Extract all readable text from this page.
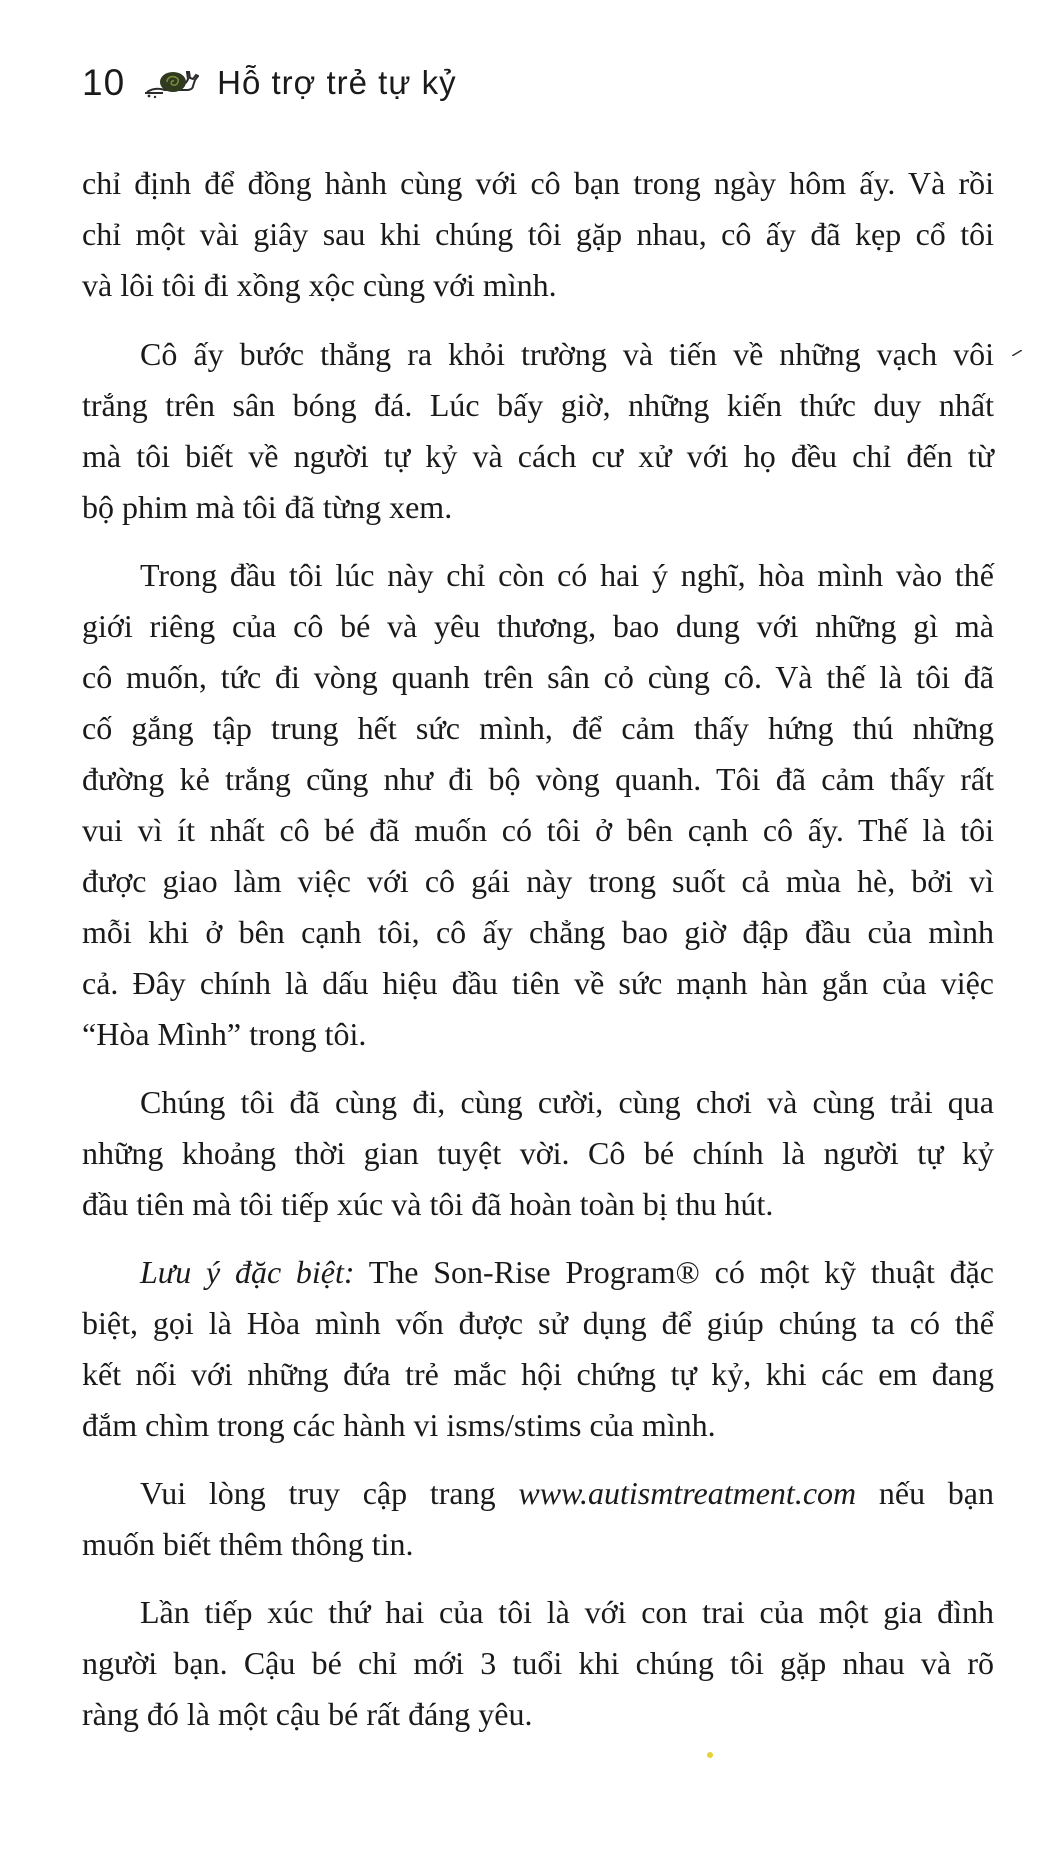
10	Hỗ trợ trẻ tự kỷ
chỉ định để đồng hành cùng với cô bạn trong ngày hôm ấy. Và rồi
chỉ một vài giây sau khi chúng tôi gặp nhau, cô ấy đã kẹp cổ tôi
và lôi tôi đi xồng xộc cùng với mình.
Cô ấy bước thẳng ra khỏi trường và tiến về những vạch vôi
trắng trên sân bóng đá. Lúc bấy giờ, những kiến thức duy nhất
mà tôi biết về người tự kỷ và cách cư xử với họ đều chỉ đến từ
bộ phim mà tôi đã từng xem.
Trong đầu tôi lúc này chỉ còn có hai ý nghĩ, hòa mình vào thế
giới riêng của cô bé và yêu thương, bao dung với những gì mà
cô muốn, tức đi vòng quanh trên sân cỏ cùng cô. Và thế là tôi đã
cố gắng tập trung hết sức mình, để cảm thấy hứng thú những
đường kẻ trắng cũng như đi bộ vòng quanh. Tôi đã cảm thấy rất
vui vì ít nhất cô bé đã muốn có tôi ở bên cạnh cô ấy. Thế là tôi
được giao làm việc với cô gái này trong suốt cả mùa hè, bởi vì
mỗi khi ở bên cạnh tôi, cô ấy chẳng bao giờ đập đầu của mình
cả. Đây chính là dấu hiệu đầu tiên về sức mạnh hàn gắn của việc
“Hòa Mình” trong tôi.
Chúng tôi đã cùng đi, cùng cười, cùng chơi và cùng trải qua
những khoảng thời gian tuyệt vời. Cô bé chính là người tự kỷ
đầu tiên mà tôi tiếp xúc và tôi đã hoàn toàn bị thu hút.
Lưu ý đặc biệt: The Son-Rise Program® có một kỹ thuật đặc
biệt, gọi là Hòa mình vốn được sử dụng để giúp chúng ta có thể
kết nối với những đứa trẻ mắc hội chứng tự kỷ, khi các em đang
đắm chìm trong các hành vi isms/stims của mình.
Vui lòng truy cập trang www.autismtreatment.com nếu bạn
muốn biết thêm thông tin.
Lần tiếp xúc thứ hai của tôi là với con trai của một gia đình
người bạn. Cậu bé chỉ mới 3 tuổi khi chúng tôi gặp nhau và rõ
ràng đó là một cậu bé rất đáng yêu.
